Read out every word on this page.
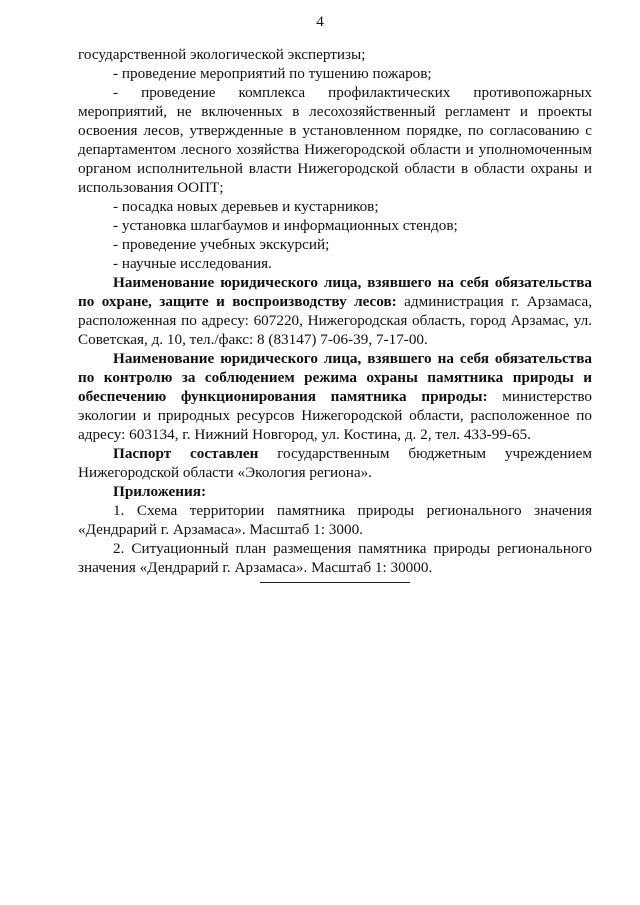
4

государственной экологической экспертизы;

- проведение мероприятий по тушению пожаров;

- проведение комплекса профилактических противопожарных мероприятий, не включенных в лесохозяйственный регламент и проекты освоения лесов, утвержденные в установленном порядке, по согласованию с департаментом лесного хозяйства Нижегородской области и уполномоченным органом исполнительной власти Нижегородской области в области охраны и использования ООПТ;

- посадка новых деревьев и кустарников;

- установка шлагбаумов и информационных стендов;

- проведение учебных экскурсий;

- научные исследования.

Наименование юридического лица, взявшего на себя обязательства по охране, защите и воспроизводству лесов: администрация г. Арзамаса, расположенная по адресу: 607220, Нижегородская область, город Арзамас, ул. Советская, д. 10, тел./факс: 8 (83147) 7-06-39, 7-17-00.

Наименование юридического лица, взявшего на себя обязательства по контролю за соблюдением режима охраны памятника природы и обеспечению функционирования памятника природы: министерство экологии и природных ресурсов Нижегородской области, расположенное по адресу: 603134, г. Нижний Новгород, ул. Костина, д. 2, тел. 433-99-65.

Паспорт составлен государственным бюджетным учреждением Нижегородской области «Экология региона».

Приложения:

1. Схема территории памятника природы регионального значения «Дендрарий г. Арзамаса». Масштаб 1: 3000.

2. Ситуационный план размещения памятника природы регионального значения «Дендрарий г. Арзамаса». Масштаб 1: 30000.
